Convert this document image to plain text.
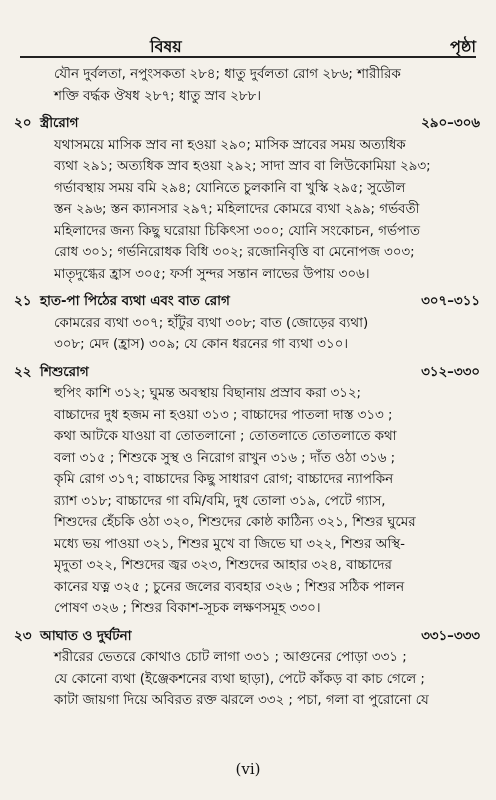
বিষয়	পৃষ্ঠা
যৌন দুর্বলতা, নপুংসকতা ২৮৪; ধাতু দুর্বলতা রোগ ২৮৬; শারীরিক
শক্তি বর্দ্ধক ঔষধ ২৮৭; ধাতু স্রাব ২৮৮।
২০ স্ত্রীরোগ	২৯০–৩০৬
যথাসময়ে মাসিক স্রাব না হওয়া ২৯০; মাসিক স্রাবের সময় অত্যধিক
ব্যথা ২৯১; অত্যধিক স্রাব হওয়া ২৯২; সাদা স্রাব বা লিউকোমিয়া ২৯৩;
গর্ভাবস্থায় সময় বমি ২৯৪; যোনিতে চুলকানি বা খুস্কি ২৯৫; সুডৌল
স্তন ২৯৬; স্তন ক্যানসার ২৯৭; মহিলাদের কোমরে ব্যথা ২৯৯; গর্ভবতী
মহিলাদের জন্য কিছু ঘরোয়া চিকিৎসা ৩০০; যোনি সংকোচন, গর্ভপাত
রোধ ৩০১; গর্ভনিরোধক বিধি ৩০২; রজোনিবৃত্তি বা মেনোপজ ৩০৩;
মাতৃদুগ্ধের হ্রাস ৩০৫; ফর্সা সুন্দর সন্তান লাভের উপায় ৩০৬।
২১ হাত-পা পিঠের ব্যথা এবং বাত রোগ	৩০৭–৩১১
কোমরের ব্যথা ৩০৭; হাঁটুর ব্যথা ৩০৮; বাত (জোড়ের ব্যথা)
৩০৮; মেদ (হ্রাস) ৩০৯; যে কোন ধরনের গা ব্যথা ৩১০।
২২ শিশুরোগ	৩১২–৩৩০
হুপিং কাশি ৩১২; ঘুমন্ত অবস্থায় বিছানায় প্রস্রাব করা ৩১২;
বাচ্চাদের দুধ হজম না হওয়া ৩১৩ ; বাচ্চাদের পাতলা দাস্ত ৩১৩ ;
কথা আটকে যাওয়া বা তোতলানো ; তোতলাতে তোতলাতে কথা
বলা ৩১৫ ; শিশুকে সুস্থ ও নিরোগ রাখুন ৩১৬ ; দাঁত ওঠা ৩১৬ ;
কৃমি রোগ ৩১৭; বাচ্চাদের কিছু সাধারণ রোগ; বাচ্চাদের ন্যাপকিন
র‍্যাশ ৩১৮; বাচ্চাদের গা বমি/বমি, দুধ তোলা ৩১৯, পেটে গ্যাস,
শিশুদের হেঁচকি ওঠা ৩২০, শিশুদের কোষ্ঠ কাঠিন্য ৩২১, শিশুর ঘুমের
মধ্যে ভয় পাওয়া ৩২১, শিশুর মুখে বা জিভে ঘা ৩২২, শিশুর অস্থি-
মৃদুতা ৩২২, শিশুদের জ্বর ৩২৩, শিশুদের আহার ৩২৪, বাচ্চাদের
কানের যত্ন ৩২৫ ; চুনের জলের ব্যবহার ৩২৬ ; শিশুর সঠিক পালন
পোষণ ৩২৬ ; শিশুর বিকাশ-সূচক লক্ষণসমূহ ৩৩০।
২৩ আঘাত ও দুর্ঘটনা	৩৩১–৩৩৩
শরীরের ভেতরে কোথাও চোট লাগা ৩৩১ ; আগুনের পোড়া ৩৩১ ;
যে কোনো ব্যথা (ইঞ্জেকশনের ব্যথা ছাড়া), পেটে কাঁকড় বা কাচ গেলে ;
কাটা জায়গা দিয়ে অবিরত রক্ত ঝরলে ৩৩২ ; পচা, গলা বা পুরোনো যে
(vi)
